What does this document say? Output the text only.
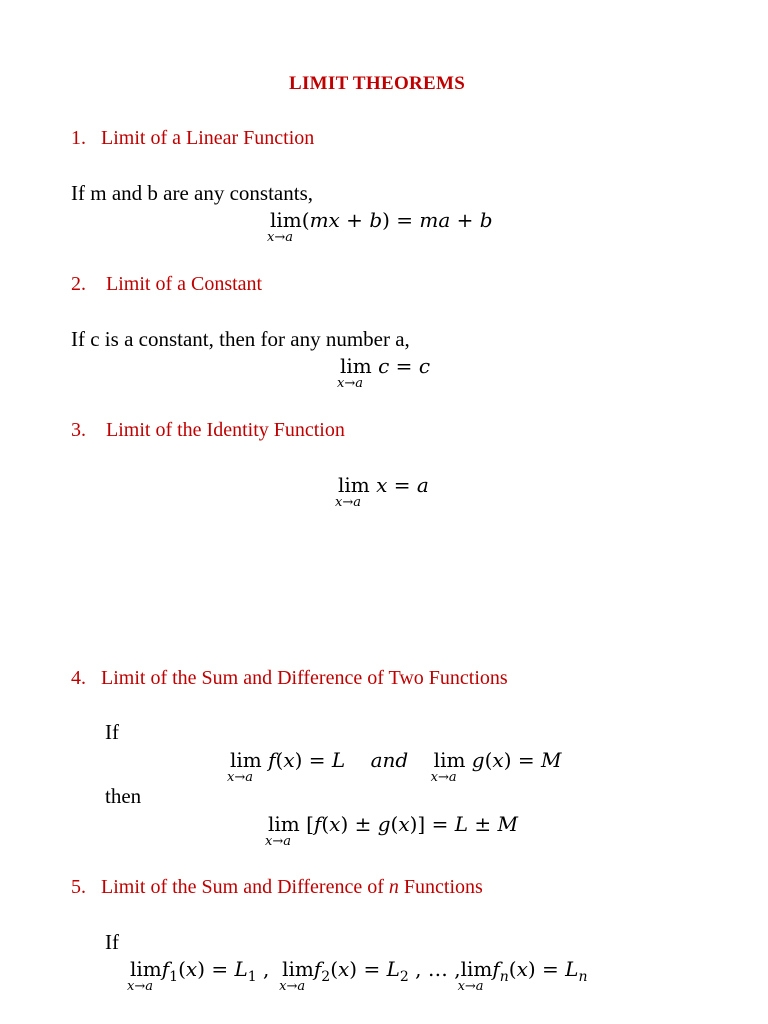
LIMIT THEOREMS
1. Limit of a Linear Function
If m and b are any constants,
lim
x→a
(mx + b) = ma + b
2. Limit of a Constant
If c is a constant, then for any number a,
lim
x→a
c = c
3. Limit of the Identity Function
lim
x→a
x = a
4. Limit of the Sum and Difference of Two Functions
If
lim
x→a
f(x) = L and lim
x→a
g(x) = M
then
lim
x→a
[f(x) ± g(x)] = L ± M
5. Limit of the Sum and Difference of n Functions
If
lim
x→a
$f_1(x) = L_1$ ,  lim
x→a
$f_2(x) = L_2$ , … ,lim
x→a
$f_n(x) = L_n$
